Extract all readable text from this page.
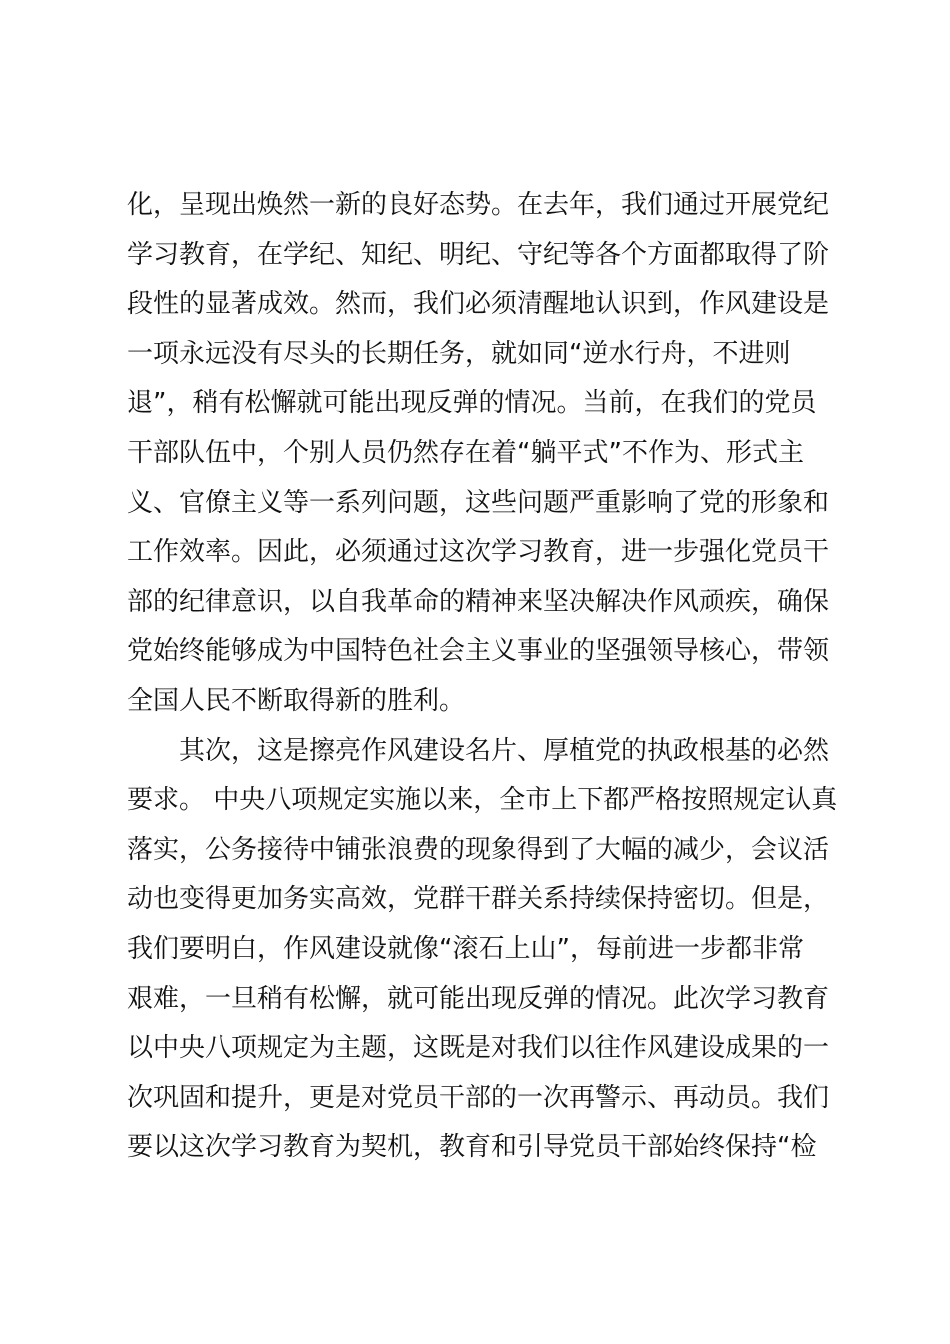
化，呈现出焕然一新的良好态势。在去年，我们通过开展党纪
学习教育，在学纪、知纪、明纪、守纪等各个方面都取得了阶
段性的显著成效。然而，我们必须清醒地认识到，作风建设是
一项永远没有尽头的长期任务，就如同“逆水行舟，不进则
退”，稍有松懈就可能出现反弹的情况。当前，在我们的党员
干部队伍中，个别人员仍然存在着“躺平式”不作为、形式主
义、官僚主义等一系列问题，这些问题严重影响了党的形象和
工作效率。因此，必须通过这次学习教育，进一步强化党员干
部的纪律意识，以自我革命的精神来坚决解决作风顽疾，确保
党始终能够成为中国特色社会主义事业的坚强领导核心，带领
全国人民不断取得新的胜利。
其次，这是擦亮作风建设名片、厚植党的执政根基的必然
要求。 中央八项规定实施以来，全市上下都严格按照规定认真
落实，公务接待中铺张浪费的现象得到了大幅的减少，会议活
动也变得更加务实高效，党群干群关系持续保持密切。但是，
我们要明白，作风建设就像“滚石上山”，每前进一步都非常
艰难，一旦稍有松懈，就可能出现反弹的情况。此次学习教育
以中央八项规定为主题，这既是对我们以往作风建设成果的一
次巩固和提升，更是对党员干部的一次再警示、再动员。我们
要以这次学习教育为契机，教育和引导党员干部始终保持“检
